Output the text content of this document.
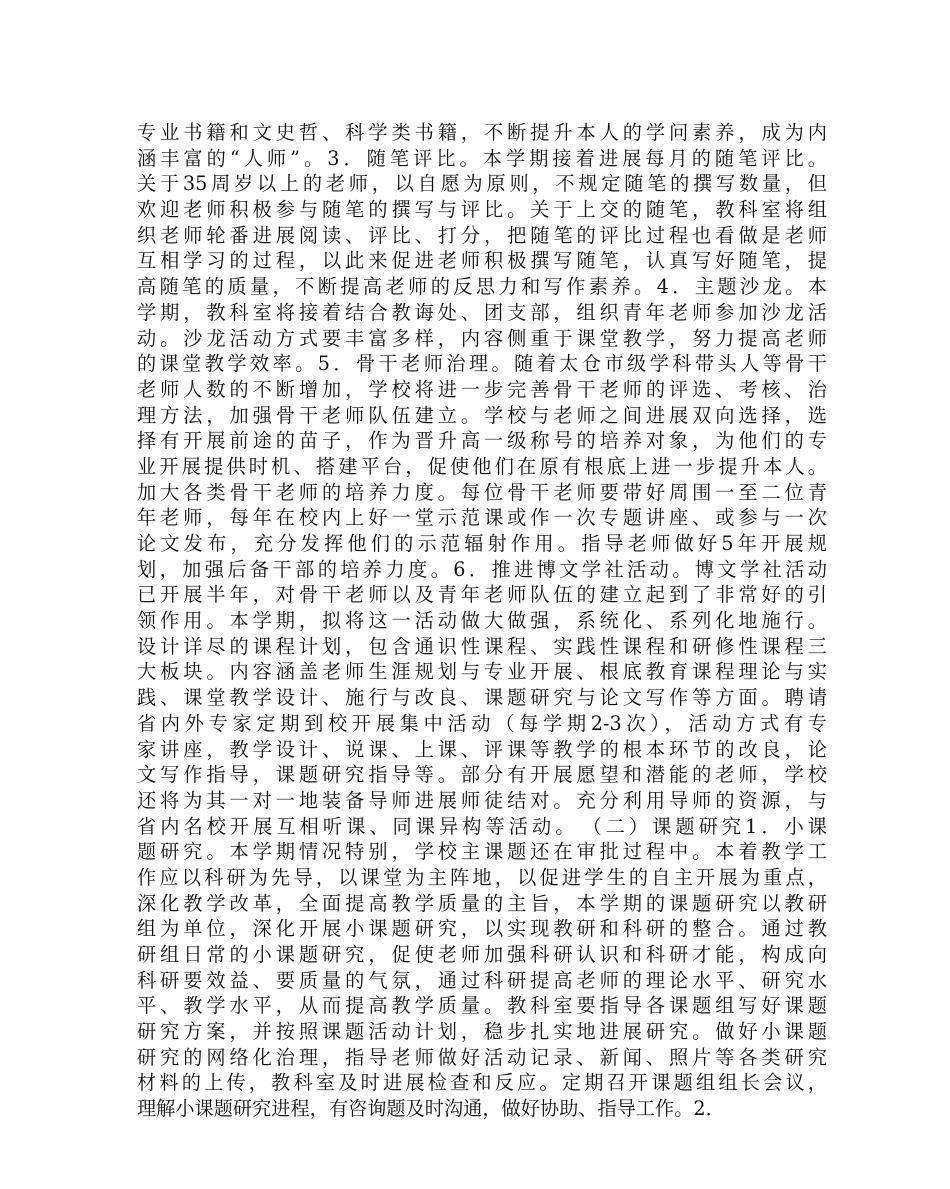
专业书籍和文史哲、科学类书籍，不断提升本人的学问素养，成为内
涵丰富的“人师”。3．随笔评比。本学期接着进展每月的随笔评比。
关于35周岁以上的老师，以自愿为原则，不规定随笔的撰写数量，但
欢迎老师积极参与随笔的撰写与评比。关于上交的随笔，教科室将组
织老师轮番进展阅读、评比、打分，把随笔的评比过程也看做是老师
互相学习的过程，以此来促进老师积极撰写随笔，认真写好随笔，提
高随笔的质量，不断提高老师的反思力和写作素养。4．主题沙龙。本
学期，教科室将接着结合教诲处、团支部，组织青年老师参加沙龙活
动。沙龙活动方式要丰富多样，内容侧重于课堂教学，努力提高老师
的课堂教学效率。5．骨干老师治理。随着太仓市级学科带头人等骨干
老师人数的不断增加，学校将进一步完善骨干老师的评选、考核、治
理方法，加强骨干老师队伍建立。学校与老师之间进展双向选择，选
择有开展前途的苗子，作为晋升高一级称号的培养对象，为他们的专
业开展提供时机、搭建平台，促使他们在原有根底上进一步提升本人。
加大各类骨干老师的培养力度。每位骨干老师要带好周围一至二位青
年老师，每年在校内上好一堂示范课或作一次专题讲座、或参与一次
论文发布，充分发挥他们的示范辐射作用。指导老师做好5年开展规
划，加强后备干部的培养力度。6．推进博文学社活动。博文学社活动
已开展半年，对骨干老师以及青年老师队伍的建立起到了非常好的引
领作用。本学期，拟将这一活动做大做强，系统化、系列化地施行。
设计详尽的课程计划，包含通识性课程、实践性课程和研修性课程三
大板块。内容涵盖老师生涯规划与专业开展、根底教育课程理论与实
践、课堂教学设计、施行与改良、课题研究与论文写作等方面。聘请
省内外专家定期到校开展集中活动（每学期2-3次），活动方式有专
家讲座，教学设计、说课、上课、评课等教学的根本环节的改良，论
文写作指导，课题研究指导等。部分有开展愿望和潜能的老师，学校
还将为其一对一地装备导师进展师徒结对。充分利用导师的资源，与
省内名校开展互相听课、同课异构等活动。　（二）课题研究1．小课
题研究。本学期情况特别，学校主课题还在审批过程中。本着教学工
作应以科研为先导，以课堂为主阵地，以促进学生的自主开展为重点，
深化教学改革，全面提高教学质量的主旨，本学期的课题研究以教研
组为单位，深化开展小课题研究，以实现教研和科研的整合。通过教
研组日常的小课题研究，促使老师加强科研认识和科研才能，构成向
科研要效益、要质量的气氛，通过科研提高老师的理论水平、研究水
平、教学水平，从而提高教学质量。教科室要指导各课题组写好课题
研究方案，并按照课题活动计划，稳步扎实地进展研究。做好小课题
研究的网络化治理，指导老师做好活动记录、新闻、照片等各类研究
材料的上传，教科室及时进展检查和反应。定期召开课题组组长会议，
理解小课题研究进程，有咨询题及时沟通，做好协助、指导工作。2．
